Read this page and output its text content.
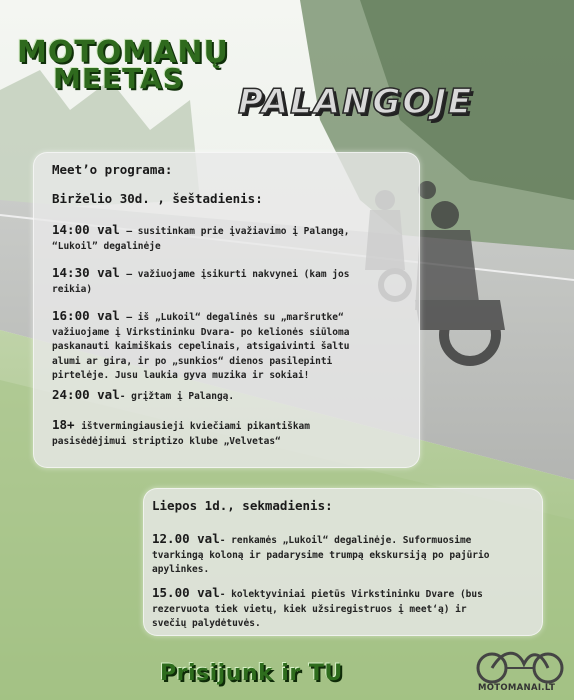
MOTOMANŲ
MEETAS
PALANGOJE
Meet’o programa:
Birželio 30d. , šeštadienis:
14:00 val – susitinkam prie įvažiavimo į Palangą,
“Lukoil” degalinėje
14:30 val – važiuojame įsikurti nakvynei (kam jos
reikia)
16:00 val – iš „Lukoil“ degalinės su „maršrutke“
važiuojame į Virkstininku Dvara- po kelionės siūloma
paskanauti kaimiškais cepelinais, atsigaivinti šaltu
alumi ar gira, ir po „sunkios“ dienos pasilepinti
pirtelėje. Jusu laukia gyva muzika ir sokiai!
24:00 val- grįžtam į Palangą.
18+ ištvermingiausieji kviečiami pikantiškam
pasisėdėjimui striptizo klube „Velvetas“
Liepos 1d., sekmadienis:
12.00 val- renkamės „Lukoil“ degalinėje. Suformuosime
tvarkingą koloną ir padarysime trumpą ekskursiją po pajūrio
apylinkes.
15.00 val- kolektyviniai pietūs Virkstininku Dvare (bus
rezervuota tiek vietų, kiek užsiregistruos į meet‘ą) ir
svečių palydėtuvės.
Prisijunk ir TU
MOTOMANAI.LT
